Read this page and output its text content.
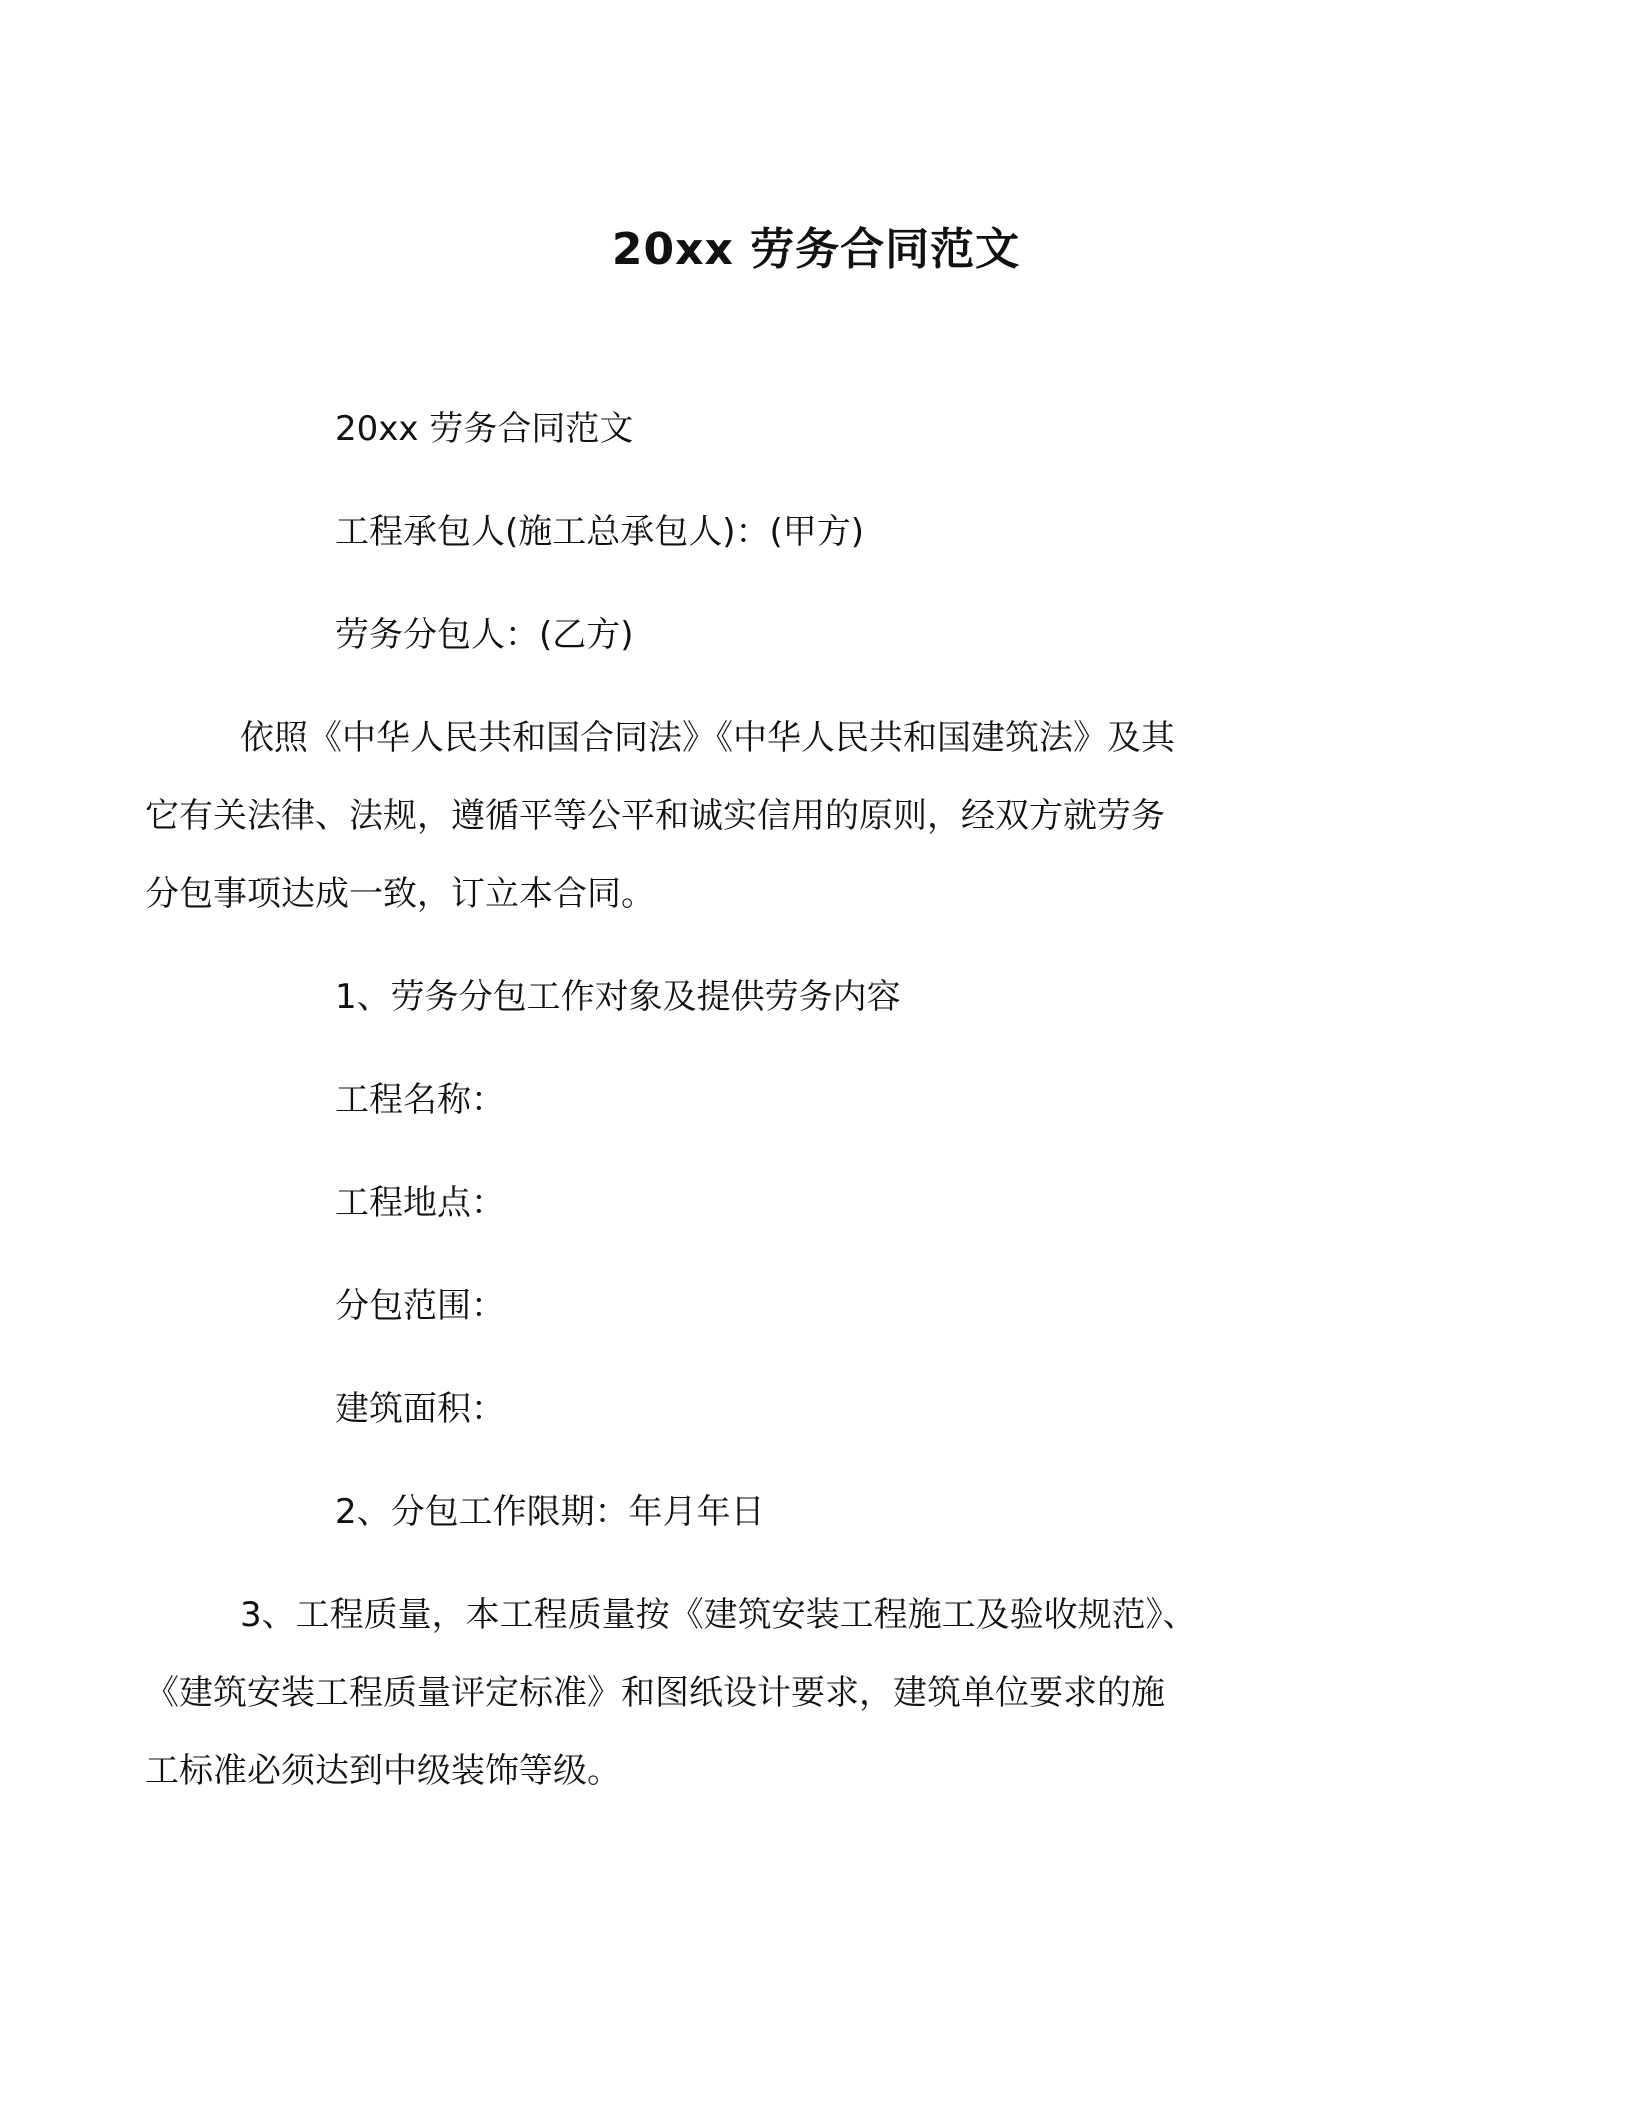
20xx 劳务合同范文

20xx 劳务合同范文

工程承包人(施工总承包人)：(甲方)

劳务分包人：(乙方)

依照《中华人民共和国合同法》《中华人民共和国建筑法》及其
它有关法律、法规，遵循平等公平和诚实信用的原则，经双方就劳务
分包事项达成一致，订立本合同。

1、劳务分包工作对象及提供劳务内容

工程名称：

工程地点：

分包范围：

建筑面积：

2、分包工作限期：年月年日

3、工程质量，本工程质量按《建筑安装工程施工及验收规范》、
《建筑安装工程质量评定标准》和图纸设计要求，建筑单位要求的施
工标准必须达到中级装饰等级。
